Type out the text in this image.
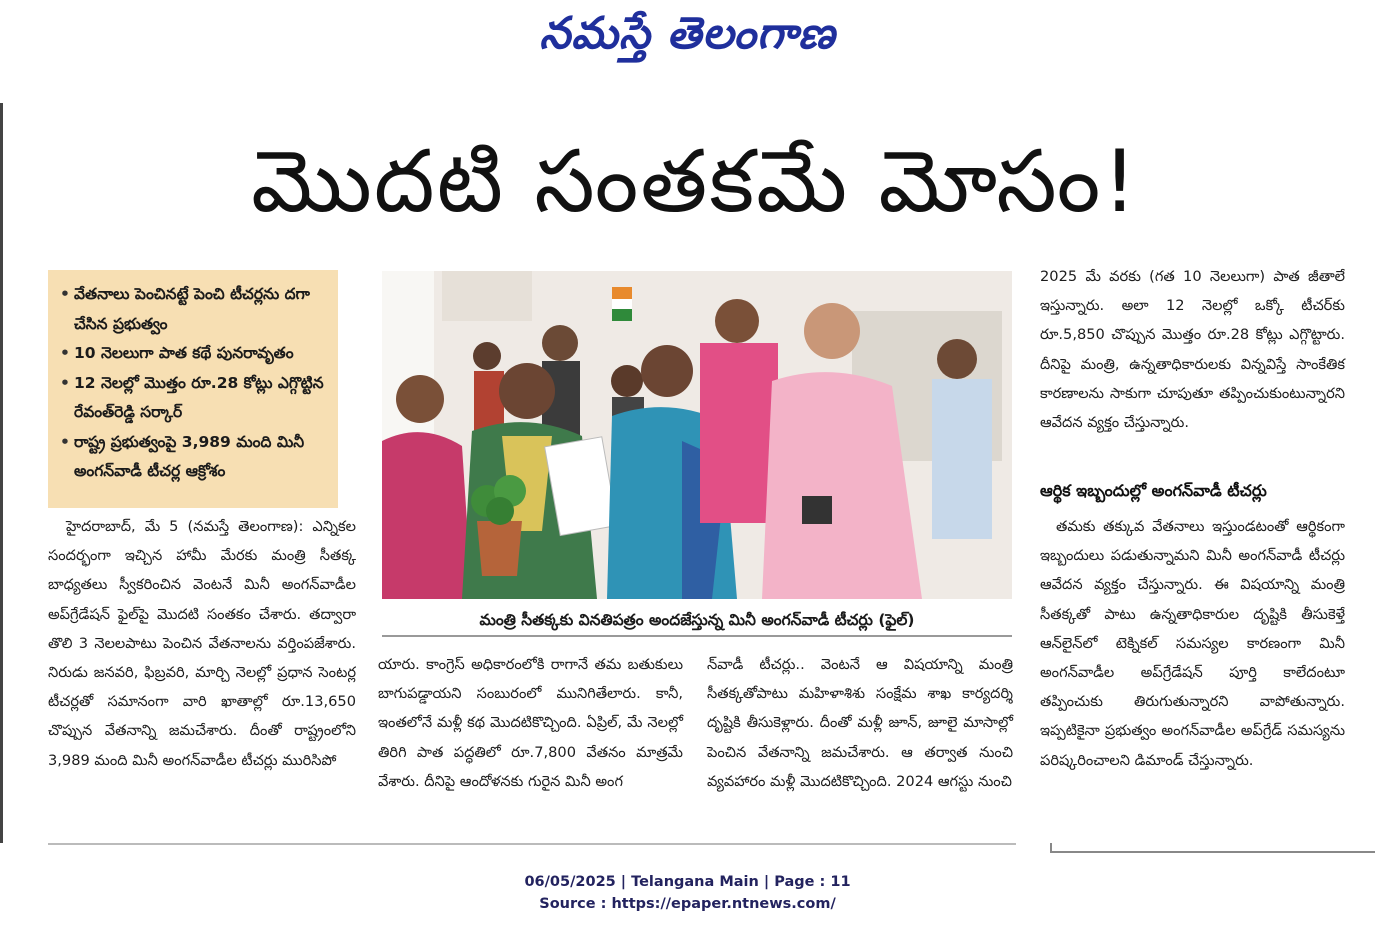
నమస్తే తెలంగాణ
మొదటి సంతకమే మోసం!
• వేతనాలు పెంచినట్టే పెంచి టీచర్లను దగా చేసిన ప్రభుత్వం
• 10 నెలలుగా పాత కథే పునరావృతం
• 12 నెలల్లో మొత్తం రూ.28 కోట్లు ఎగ్గొట్టిన రేవంత్‌రెడ్డి సర్కార్
• రాష్ట్ర ప్రభుత్వంపై 3,989 మంది మినీ అంగన్‌వాడీ టీచర్ల ఆక్రోశం

హైదరాబాద్, మే 5 (నమస్తే తెలంగాణ): ఎన్నికల సందర్భంగా ఇచ్చిన హామీ మేరకు మంత్రి సీతక్క బాధ్యతలు స్వీకరించిన వెంటనే మినీ అంగన్‌వాడీల అప్‌గ్రేడేషన్ ఫైల్‌పై మొదటి సంతకం చేశారు. తద్వారా తొలి 3 నెలలపాటు పెంచిన వేతనాలను వర్తింపజేశారు. నిరుడు జనవరి, ఫిబ్రవరి, మార్చి నెలల్లో ప్రధాన సెంటర్ల టీచర్లతో సమానంగా వారి ఖాతాల్లో రూ.13,650 చొప్పున వేతనాన్ని జమచేశారు. దీంతో రాష్ట్రంలోని 3,989 మంది మినీ అంగన్‌వాడీల టీచర్లు మురిసిపో

మంత్రి సీతక్కకు వినతిపత్రం అందజేస్తున్న మినీ అంగన్‌వాడీ టీచర్లు (ఫైల్)

యారు. కాంగ్రెస్ అధికారంలోకి రాగానే తమ బతుకులు బాగుపడ్డాయని సంబురంలో మునిగితేలారు. కానీ, ఇంతలోనే మళ్లీ కథ మొదటికొచ్చింది. ఏప్రిల్, మే నెలల్లో తిరిగి పాత పద్ధతిలో రూ.7,800 వేతనం మాత్రమే వేశారు. దీనిపై ఆందోళనకు గురైన మినీ అంగ

న్‌వాడీ టీచర్లు.. వెంటనే ఆ విషయాన్ని మంత్రి సీతక్కతోపాటు మహిళాశిశు సంక్షేమ శాఖ కార్యదర్శి దృష్టికి తీసుకెళ్లారు. దీంతో మళ్లీ జూన్, జూలై మాసాల్లో పెంచిన వేతనాన్ని జమచేశారు. ఆ తర్వాత నుంచి వ్యవహారం మళ్లీ మొదటికొచ్చింది. 2024 ఆగస్టు నుంచి

2025 మే వరకు (గత 10 నెలలుగా) పాత జీతాలే ఇస్తున్నారు. అలా 12 నెలల్లో ఒక్కో టీచర్‌కు రూ.5,850 చొప్పున మొత్తం రూ.28 కోట్లు ఎగ్గొట్టారు. దీనిపై మంత్రి, ఉన్నతాధికారులకు విన్నవిస్తే సాంకేతిక కారణాలను సాకుగా చూపుతూ తప్పించుకుంటున్నారని ఆవేదన వ్యక్తం చేస్తున్నారు.

ఆర్థిక ఇబ్బందుల్లో అంగన్‌వాడీ టీచర్లు

తమకు తక్కువ వేతనాలు ఇస్తుండటంతో ఆర్థికంగా ఇబ్బందులు పడుతున్నామని మినీ అంగన్‌వాడీ టీచర్లు ఆవేదన వ్యక్తం చేస్తున్నారు. ఈ విషయాన్ని మంత్రి సీతక్కతో పాటు ఉన్నతాధికారుల దృష్టికి తీసుకెళ్తే ఆన్‌లైన్‌లో టెక్నికల్ సమస్యల కారణంగా మినీ అంగన్‌వాడీల అప్‌గ్రేడేషన్ పూర్తి కాలేదంటూ తప్పించుకు తిరుగుతున్నారని వాపోతున్నారు. ఇప్పటికైనా ప్రభుత్వం అంగన్‌వాడీల అప్‌గ్రేడ్ సమస్యను పరిష్కరించాలని డిమాండ్ చేస్తున్నారు.

06/05/2025 | Telangana Main | Page : 11
Source : https://epaper.ntnews.com/
